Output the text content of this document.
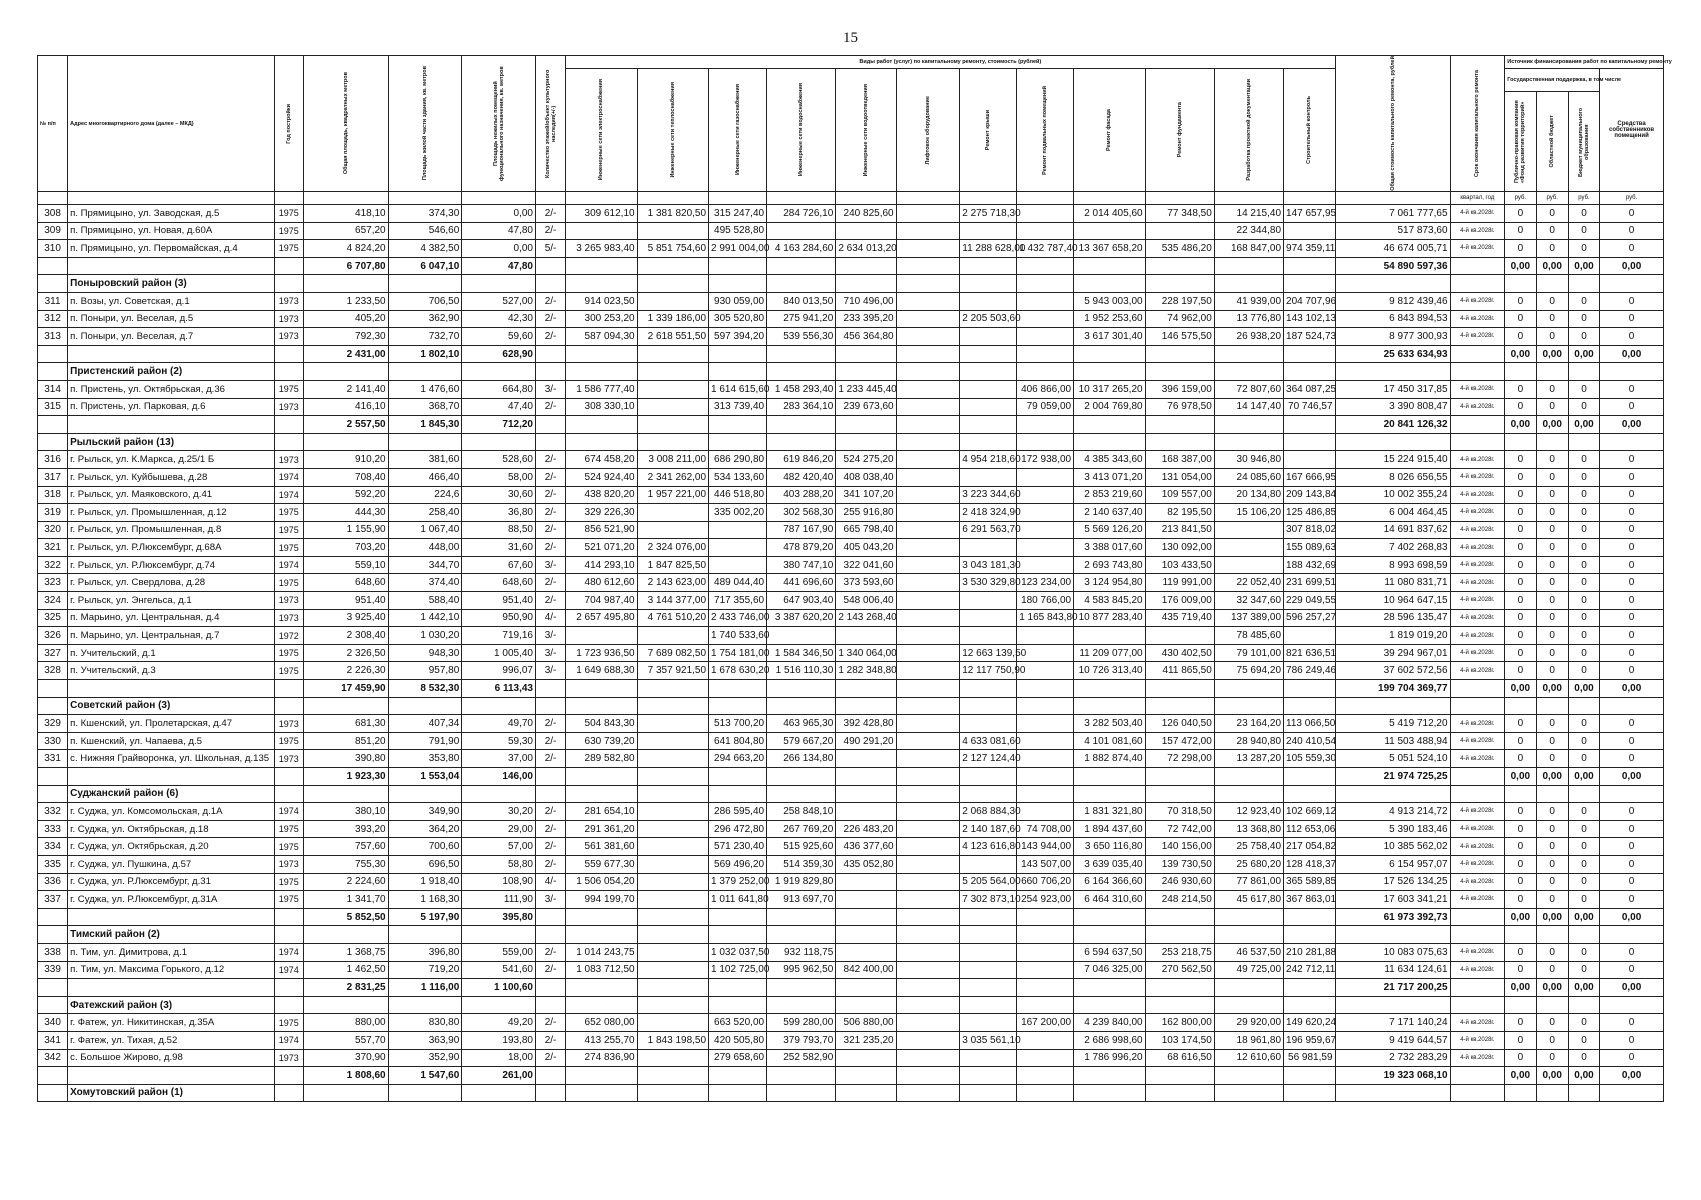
15
№ п/п	Адрес многоквартирного дома (далее – МКД)	Год постройки	Общая площадь, квадратных метров	Площадь жилой части здания, кв. метров	Площадь нежилых помещений функционального назначения, кв. метров	Количество этажей/объект культурного наследия(+/-)	Виды работ (услуг) по капитальному ремонту, стоимость (рублей)												Общая стоимость капитального ремонта, рублей	Срок окончания капитального ремонта	Источник финансирования работ по капитальному ремонту			

							Инженерные сети электроснабжения	Инженерные сети теплоснабжения	Инженерные сети газоснабжения	Инженерные сети водоснабжения	Инженерные сети водоотведения	Лифтовое оборудование	Ремонт крыши	Ремонт подвальных помещений	Ремонт фасада	Ремонт фундамента	Разработка проектной документации	Строительный контроль			Государственная поддержка, в том числе			Средства собственников помещений

																					Публично-правовая компания «Фонд развития территорий»	Областной бюджет	Бюджет муниципального образования	

																				квартал, год	руб.	руб.	руб.	руб.
308	п. Прямицыно, ул. Заводская, д.5	1975	418,10	374,30	0,00	2/-	309 612,10	1 381 820,50	315 247,40	284 726,10	240 825,60		2 275 718,30		2 014 405,60	77 348,50	14 215,40	147 657,95	7 061 777,65	4-й кв.2028г.	0	0	0	0
309	п. Прямицыно, ул. Новая, д.60А	1975	657,20	546,60	47,80	2/-			495 528,80								22 344,80		517 873,60	4-й кв.2028г.	0	0	0	0
310	п. Прямицыно, ул. Первомайская, д.4	1975	4 824,20	4 382,50	0,00	5/-	3 265 983,40	5 851 754,60	2 991 004,00	4 163 284,60	2 634 013,20		11 288 628,00	1 432 787,40	13 367 658,20	535 486,20	168 847,00	974 359,11	46 674 005,71	4-й кв.2028г.	0	0	0	0
			6 707,80	6 047,10	47,80														54 890 597,36		0,00	0,00	0,00	0,00
	Поныровский район (3)																							
311	п. Возы, ул. Советская, д.1	1973	1 233,50	706,50	527,00	2/-	914 023,50		930 059,00	840 013,50	710 496,00				5 943 003,00	228 197,50	41 939,00	204 707,96	9 812 439,46	4-й кв.2028г.	0	0	0	0
312	п. Поныри, ул. Веселая, д.5	1973	405,20	362,90	42,30	2/-	300 253,20	1 339 186,00	305 520,80	275 941,20	233 395,20		2 205 503,60		1 952 253,60	74 962,00	13 776,80	143 102,13	6 843 894,53	4-й кв.2028г.	0	0	0	0
313	п. Поныри, ул. Веселая, д.7	1973	792,30	732,70	59,60	2/-	587 094,30	2 618 551,50	597 394,20	539 556,30	456 364,80				3 617 301,40	146 575,50	26 938,20	187 524,73	8 977 300,93	4-й кв.2028г.	0	0	0	0
			2 431,00	1 802,10	628,90														25 633 634,93		0,00	0,00	0,00	0,00
	Пристенский район (2)																							
314	п. Пристень, ул. Октябрьская, д.36	1975	2 141,40	1 476,60	664,80	3/-	1 586 777,40		1 614 615,60	1 458 293,40	1 233 445,40			406 866,00	10 317 265,20	396 159,00	72 807,60	364 087,25	17 450 317,85	4-й кв.2028г.	0	0	0	0
315	п. Пристень, ул. Парковая, д.6	1973	416,10	368,70	47,40	2/-	308 330,10		313 739,40	283 364,10	239 673,60			79 059,00	2 004 769,80	76 978,50	14 147,40	70 746,57	3 390 808,47	4-й кв.2028г.	0	0	0	0
			2 557,50	1 845,30	712,20														20 841 126,32		0,00	0,00	0,00	0,00
	Рыльский район (13)																							
316	г. Рыльск, ул. К.Маркса, д.25/1 Б	1973	910,20	381,60	528,60	2/-	674 458,20	3 008 211,00	686 290,80	619 846,20	524 275,20		4 954 218,60	172 938,00	4 385 343,60	168 387,00	30 946,80		15 224 915,40	4-й кв.2028г.	0	0	0	0
317	г. Рыльск, ул. Куйбышева, д.28	1974	708,40	466,40	58,00	2/-	524 924,40	2 341 262,00	534 133,60	482 420,40	408 038,40				3 413 071,20	131 054,00	24 085,60	167 666,95	8 026 656,55	4-й кв.2028г.	0	0	0	0
318	г. Рыльск, ул. Маяковского, д.41	1974	592,20	224,6	30,60	2/-	438 820,20	1 957 221,00	446 518,80	403 288,20	341 107,20		3 223 344,60		2 853 219,60	109 557,00	20 134,80	209 143,84	10 002 355,24	4-й кв.2028г.	0	0	0	0
319	г. Рыльск, ул. Промышленная, д.12	1975	444,30	258,40	36,80	2/-	329 226,30		335 002,20	302 568,30	255 916,80		2 418 324,90		2 140 637,40	82 195,50	15 106,20	125 486,85	6 004 464,45	4-й кв.2028г.	0	0	0	0
320	г. Рыльск, ул. Промышленная, д.8	1975	1 155,90	1 067,40	88,50	2/-	856 521,90			787 167,90	665 798,40		6 291 563,70		5 569 126,20	213 841,50		307 818,02	14 691 837,62	4-й кв.2028г.	0	0	0	0
321	г. Рыльск, ул. Р.Люксембург, д.68А	1975	703,20	448,00	31,60	2/-	521 071,20	2 324 076,00		478 879,20	405 043,20				3 388 017,60	130 092,00		155 089,63	7 402 268,83	4-й кв.2028г.	0	0	0	0
322	г. Рыльск, ул. Р.Люксембург, д.74	1974	559,10	344,70	67,60	3/-	414 293,10	1 847 825,50		380 747,10	322 041,60		3 043 181,30		2 693 743,80	103 433,50		188 432,69	8 993 698,59	4-й кв.2028г.	0	0	0	0
323	г. Рыльск, ул. Свердлова, д.28	1975	648,60	374,40	648,60	2/-	480 612,60	2 143 623,00	489 044,40	441 696,60	373 593,60		3 530 329,80	123 234,00	3 124 954,80	119 991,00	22 052,40	231 699,51	11 080 831,71	4-й кв.2028г.	0	0	0	0
324	г. Рыльск, ул. Энгельса, д.1	1973	951,40	588,40	951,40	2/-	704 987,40	3 144 377,00	717 355,60	647 903,40	548 006,40			180 766,00	4 583 845,20	176 009,00	32 347,60	229 049,55	10 964 647,15	4-й кв.2028г.	0	0	0	0
325	п. Марьино, ул. Центральная, д.4	1973	3 925,40	1 442,10	950,90	4/-	2 657 495,80	4 761 510,20	2 433 746,00	3 387 620,20	2 143 268,40			1 165 843,80	10 877 283,40	435 719,40	137 389,00	596 257,27	28 596 135,47	4-й кв.2028г.	0	0	0	0
326	п. Марьино, ул. Центральная, д.7	1972	2 308,40	1 030,20	719,16	3/-			1 740 533,60								78 485,60		1 819 019,20	4-й кв.2028г.	0	0	0	0
327	п. Учительский, д.1	1975	2 326,50	948,30	1 005,40	3/-	1 723 936,50	7 689 082,50	1 754 181,00	1 584 346,50	1 340 064,00		12 663 139,50		11 209 077,00	430 402,50	79 101,00	821 636,51	39 294 967,01	4-й кв.2028г.	0	0	0	0
328	п. Учительский, д.3	1975	2 226,30	957,80	996,07	3/-	1 649 688,30	7 357 921,50	1 678 630,20	1 516 110,30	1 282 348,80		12 117 750,90		10 726 313,40	411 865,50	75 694,20	786 249,46	37 602 572,56	4-й кв.2028г.	0	0	0	0
			17 459,90	8 532,30	6 113,43														199 704 369,77		0,00	0,00	0,00	0,00
	Советский район (3)																							
329	п. Кшенский, ул. Пролетарская, д.47	1973	681,30	407,34	49,70	2/-	504 843,30		513 700,20	463 965,30	392 428,80				3 282 503,40	126 040,50	23 164,20	113 066,50	5 419 712,20	4-й кв.2028г.	0	0	0	0
330	п. Кшенский, ул. Чапаева, д.5	1975	851,20	791,90	59,30	2/-	630 739,20		641 804,80	579 667,20	490 291,20		4 633 081,60		4 101 081,60	157 472,00	28 940,80	240 410,54	11 503 488,94	4-й кв.2028г.	0	0	0	0
331	с. Нижняя Грайворонка, ул. Школьная, д.135	1973	390,80	353,80	37,00	2/-	289 582,80		294 663,20	266 134,80			2 127 124,40		1 882 874,40	72 298,00	13 287,20	105 559,30	5 051 524,10	4-й кв.2028г.	0	0	0	0
			1 923,30	1 553,04	146,00														21 974 725,25		0,00	0,00	0,00	0,00
	Суджанский район (6)																							
332	г. Суджа, ул. Комсомольская, д.1А	1974	380,10	349,90	30,20	2/-	281 654,10		286 595,40	258 848,10			2 068 884,30		1 831 321,80	70 318,50	12 923,40	102 669,12	4 913 214,72	4-й кв.2028г.	0	0	0	0
333	г. Суджа, ул. Октябрьская, д.18	1975	393,20	364,20	29,00	2/-	291 361,20		296 472,80	267 769,20	226 483,20		2 140 187,60	74 708,00	1 894 437,60	72 742,00	13 368,80	112 653,06	5 390 183,46	4-й кв.2028г.	0	0	0	0
334	г. Суджа, ул. Октябрьская, д.20	1975	757,60	700,60	57,00	2/-	561 381,60		571 230,40	515 925,60	436 377,60		4 123 616,80	143 944,00	3 650 116,80	140 156,00	25 758,40	217 054,82	10 385 562,02	4-й кв.2028г.	0	0	0	0
335	г. Суджа, ул. Пушкина, д.57	1973	755,30	696,50	58,80	2/-	559 677,30		569 496,20	514 359,30	435 052,80			143 507,00	3 639 035,40	139 730,50	25 680,20	128 418,37	6 154 957,07	4-й кв.2028г.	0	0	0	0
336	г. Суджа, ул. Р.Люксембург, д.31	1975	2 224,60	1 918,40	108,90	4/-	1 506 054,20		1 379 252,00	1 919 829,80			5 205 564,00	660 706,20	6 164 366,60	246 930,60	77 861,00	365 589,85	17 526 134,25	4-й кв.2028г.	0	0	0	0
337	г. Суджа, ул. Р.Люксембург, д.31А	1975	1 341,70	1 168,30	111,90	3/-	994 199,70		1 011 641,80	913 697,70			7 302 873,10	254 923,00	6 464 310,60	248 214,50	45 617,80	367 863,01	17 603 341,21	4-й кв.2028г.	0	0	0	0
			5 852,50	5 197,90	395,80														61 973 392,73		0,00	0,00	0,00	0,00
	Тимский район (2)																							
338	п. Тим, ул. Димитрова, д.1	1974	1 368,75	396,80	559,00	2/-	1 014 243,75		1 032 037,50	932 118,75					6 594 637,50	253 218,75	46 537,50	210 281,88	10 083 075,63	4-й кв.2028г.	0	0	0	0
339	п. Тим, ул. Максима Горького, д.12	1974	1 462,50	719,20	541,60	2/-	1 083 712,50		1 102 725,00	995 962,50	842 400,00				7 046 325,00	270 562,50	49 725,00	242 712,11	11 634 124,61	4-й кв.2028г.	0	0	0	0
			2 831,25	1 116,00	1 100,60														21 717 200,25		0,00	0,00	0,00	0,00
	Фатежский район (3)																							
340	г. Фатеж, ул. Никитинская, д.35А	1975	880,00	830,80	49,20	2/-	652 080,00		663 520,00	599 280,00	506 880,00			167 200,00	4 239 840,00	162 800,00	29 920,00	149 620,24	7 171 140,24	4-й кв.2028г.	0	0	0	0
341	г. Фатеж, ул. Тихая, д.52	1974	557,70	363,90	193,80	2/-	413 255,70	1 843 198,50	420 505,80	379 793,70	321 235,20		3 035 561,10		2 686 998,60	103 174,50	18 961,80	196 959,67	9 419 644,57	4-й кв.2028г.	0	0	0	0
342	с. Большое Жирово, д.98	1973	370,90	352,90	18,00	2/-	274 836,90		279 658,60	252 582,90					1 786 996,20	68 616,50	12 610,60	56 981,59	2 732 283,29	4-й кв.2028г.	0	0	0	0
			1 808,60	1 547,60	261,00														19 323 068,10		0,00	0,00	0,00	0,00
	Хомутовский район (1)																							
